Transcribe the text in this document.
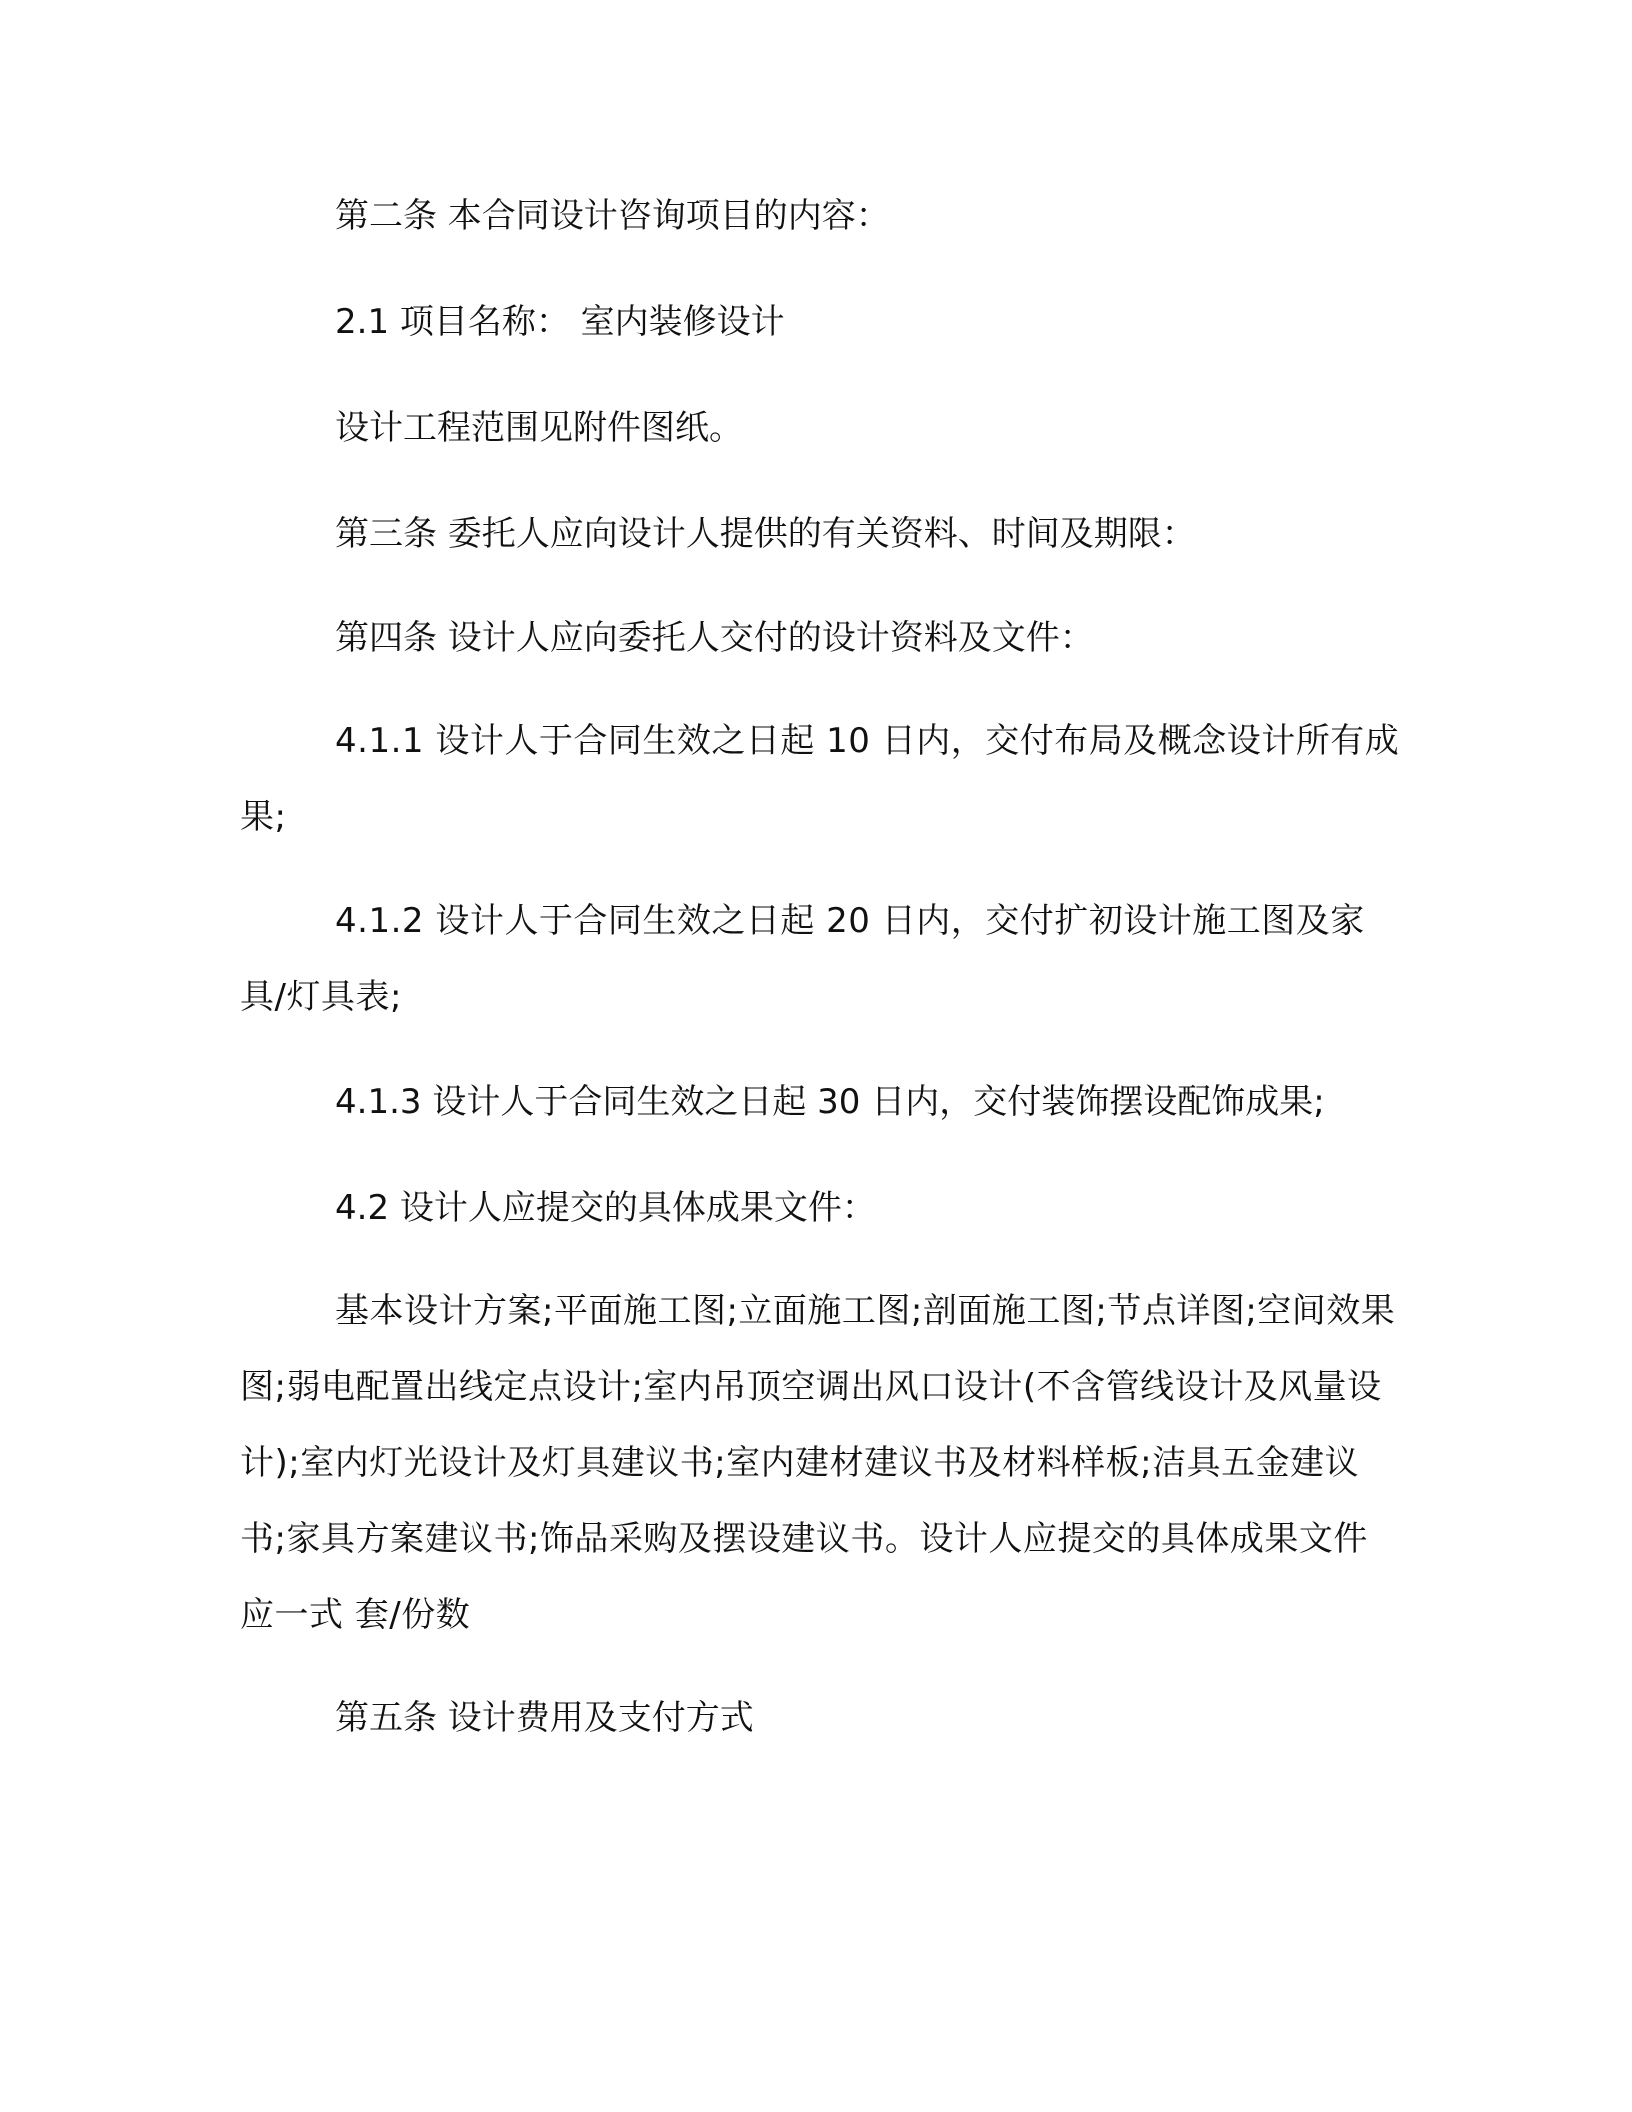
第二条 本合同设计咨询项目的内容：

2.1 项目名称： 室内装修设计

设计工程范围见附件图纸。

第三条 委托人应向设计人提供的有关资料、时间及期限：

第四条 设计人应向委托人交付的设计资料及文件：

4.1.1 设计人于合同生效之日起 10 日内，交付布局及概念设计所有成果;

4.1.2 设计人于合同生效之日起 20 日内，交付扩初设计施工图及家具/灯具表;

4.1.3 设计人于合同生效之日起 30 日内，交付装饰摆设配饰成果;

4.2 设计人应提交的具体成果文件：

基本设计方案;平面施工图;立面施工图;剖面施工图;节点详图;空间效果图;弱电配置出线定点设计;室内吊顶空调出风口设计(不含管线设计及风量设计);室内灯光设计及灯具建议书;室内建材建议书及材料样板;洁具五金建议书;家具方案建议书;饰品采购及摆设建议书。设计人应提交的具体成果文件应一式 套/份数

第五条 设计费用及支付方式
